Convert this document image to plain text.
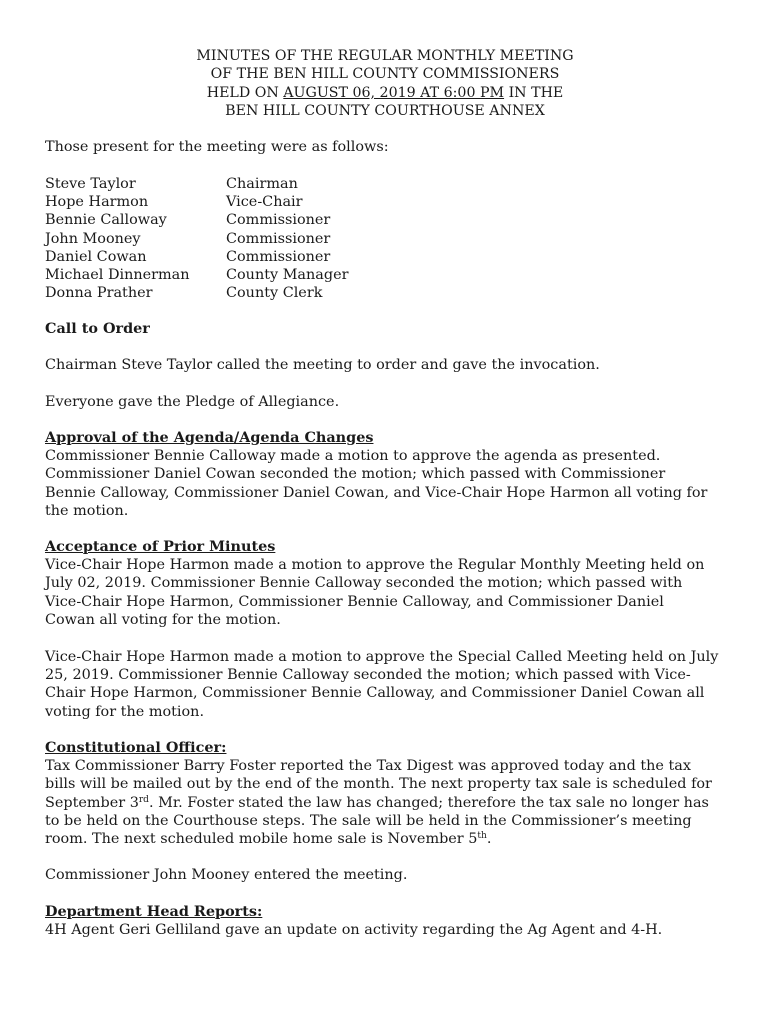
MINUTES OF THE REGULAR MONTHLY MEETING
OF THE BEN HILL COUNTY COMMISSIONERS
HELD ON AUGUST 06, 2019 AT 6:00 PM IN THE
BEN HILL COUNTY COURTHOUSE ANNEX

Those present for the meeting were as follows:

Steve Taylor	Chairman
Hope Harmon	Vice-Chair
Bennie Calloway	Commissioner
John Mooney	Commissioner
Daniel Cowan	Commissioner
Michael Dinnerman	County Manager
Donna Prather	County Clerk

Call to Order

Chairman Steve Taylor called the meeting to order and gave the invocation.

Everyone gave the Pledge of Allegiance.

Approval of the Agenda/Agenda Changes

Commissioner Bennie Calloway made a motion to approve the agenda as presented.

Commissioner Daniel Cowan seconded the motion; which passed with Commissioner

Bennie Calloway, Commissioner Daniel Cowan, and Vice-Chair Hope Harmon all voting for

the motion.

Acceptance of Prior Minutes

Vice-Chair Hope Harmon made a motion to approve the Regular Monthly Meeting held on

July 02, 2019. Commissioner Bennie Calloway seconded the motion; which passed with

Vice-Chair Hope Harmon, Commissioner Bennie Calloway, and Commissioner Daniel

Cowan all voting for the motion.

Vice-Chair Hope Harmon made a motion to approve the Special Called Meeting held on July

25, 2019. Commissioner Bennie Calloway seconded the motion; which passed with Vice-

Chair Hope Harmon, Commissioner Bennie Calloway, and Commissioner Daniel Cowan all

voting for the motion.

Constitutional Officer:

Tax Commissioner Barry Foster reported the Tax Digest was approved today and the tax

bills will be mailed out by the end of the month. The next property tax sale is scheduled for

September 3rd. Mr. Foster stated the law has changed; therefore the tax sale no longer has

to be held on the Courthouse steps. The sale will be held in the Commissioner’s meeting

room. The next scheduled mobile home sale is November 5th.

Commissioner John Mooney entered the meeting.

Department Head Reports:

4H Agent Geri Gelliland gave an update on activity regarding the Ag Agent and 4-H.
